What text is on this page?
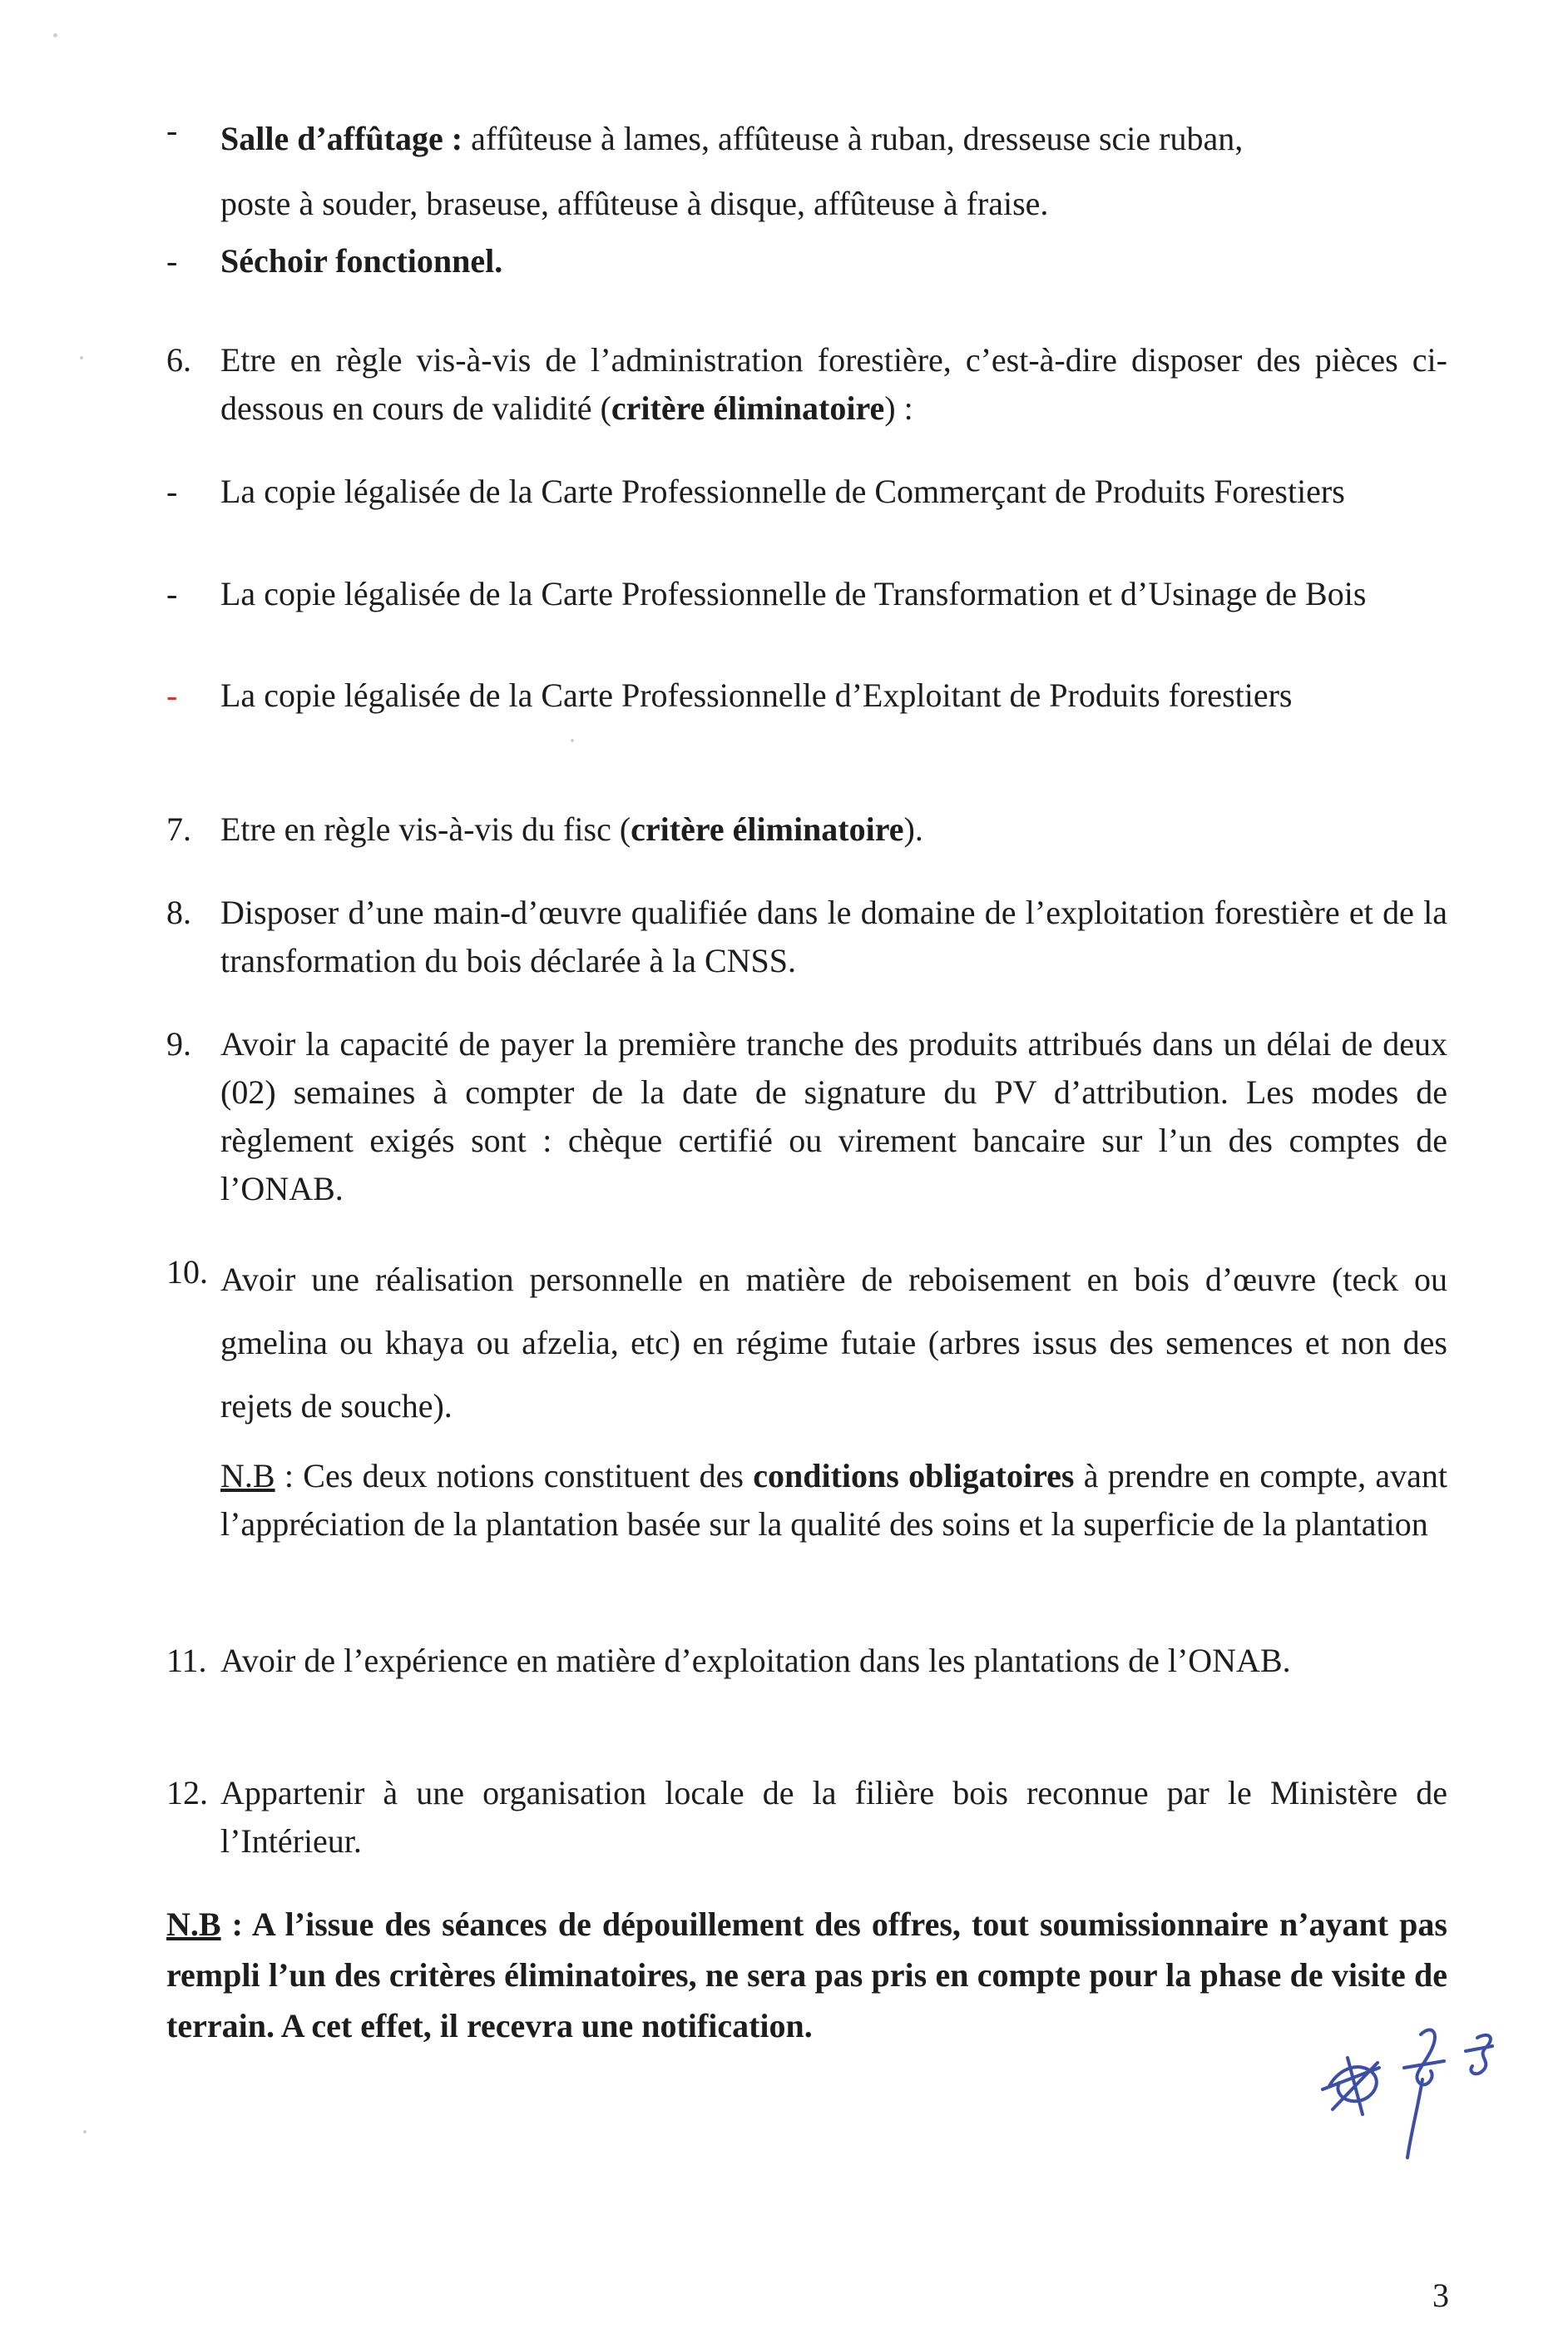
-	Salle d’affûtage : affûteuse à lames, affûteuse à ruban, dresseuse scie ruban,
poste à souder, braseuse, affûteuse à disque, affûteuse à fraise.
-	Séchoir fonctionnel.
6. Etre en règle vis-à-vis de l’administration forestière, c’est-à-dire disposer des pièces ci-dessous en cours de validité (critère éliminatoire) :
-	La copie légalisée de la Carte Professionnelle de Commerçant de Produits Forestiers
-	La copie légalisée de la Carte Professionnelle de Transformation et d’Usinage de Bois
-	La copie légalisée de la Carte Professionnelle d’Exploitant de Produits forestiers
7. Etre en règle vis-à-vis du fisc (critère éliminatoire).
8. Disposer d’une main-d’œuvre qualifiée dans le domaine de l’exploitation forestière et de la transformation du bois déclarée à la CNSS.
9. Avoir la capacité de payer la première tranche des produits attribués dans un délai de deux (02) semaines à compter de la date de signature du PV d’attribution. Les modes de règlement exigés sont : chèque certifié ou virement bancaire sur l’un des comptes de l’ONAB.
10. Avoir une réalisation personnelle en matière de reboisement en bois d’œuvre (teck ou gmelina ou khaya ou afzelia, etc) en régime futaie (arbres issus des semences et non des rejets de souche).
N.B : Ces deux notions constituent des conditions obligatoires à prendre en compte, avant l’appréciation de la plantation basée sur la qualité des soins et la superficie de la plantation
11. Avoir de l’expérience en matière d’exploitation dans les plantations de l’ONAB.
12. Appartenir à une organisation locale de la filière bois reconnue par le Ministère de l’Intérieur.
N.B : A l’issue des séances de dépouillement des offres, tout soumissionnaire n’ayant pas rempli l’un des critères éliminatoires, ne sera pas pris en compte pour la phase de visite de terrain. A cet effet, il recevra une notification.
3
